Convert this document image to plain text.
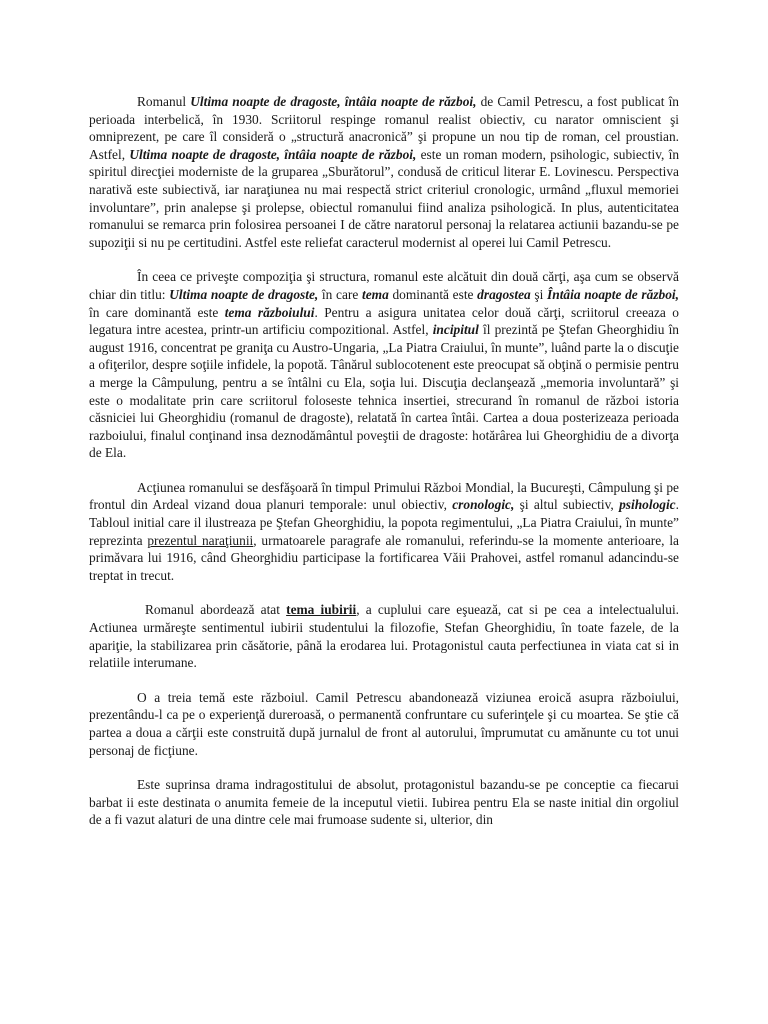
Romanul Ultima noapte de dragoste, întâia noapte de război, de Camil Petrescu, a fost publicat în perioada interbelică, în 1930. Scriitorul respinge romanul realist obiectiv, cu narator omniscient şi omniprezent, pe care îl consideră o „structură anacronică” şi propune un nou tip de roman, cel proustian. Astfel, Ultima noapte de dragoste, întâia noapte de război, este un roman modern, psihologic, subiectiv, în spiritul direcţiei moderniste de la gruparea „Sburătorul”, condusă de criticul literar E. Lovinescu. Perspectiva narativă este subiectivă, iar naraţiunea nu mai respectă strict criteriul cronologic, urmând „fluxul memoriei involuntare”, prin analepse şi prolepse, obiectul romanului fiind analiza psihologică. In plus, autenticitatea romanului se remarca prin folosirea persoanei I de către naratorul personaj la relatarea actiunii bazandu-se pe supoziţii si nu pe certitudini. Astfel este reliefat caracterul modernist al operei lui Camil Petrescu.

În ceea ce priveşte compoziţia şi structura, romanul este alcătuit din două cărţi, aşa cum se observă chiar din titlu: Ultima noapte de dragoste, în care tema dominantă este dragostea şi Întâia noapte de război, în care dominantă este tema războiului. Pentru a asigura unitatea celor două cărţi, scriitorul creeaza o legatura intre acestea, printr-un artificiu compozitional. Astfel, incipitul îl prezintă pe Ştefan Gheorghidiu în august 1916, concentrat pe graniţa cu Austro-Ungaria, „La Piatra Craiului, în munte”, luând parte la o discuţie a ofiţerilor, despre soţiile infidele, la popotă. Tânărul sublocotenent este preocupat să obţină o permisie pentru a merge la Câmpulung, pentru a se întâlni cu Ela, soţia lui. Discuţia declanşează „memoria involuntară” şi este o modalitate prin care scriitorul foloseste tehnica insertiei, strecurand în romanul de război istoria căsniciei lui Gheorghidiu (romanul de dragoste), relatată în cartea întâi. Cartea a doua posterizeaza perioada razboiului, finalul conţinand insa deznodământul poveştii de dragoste: hotărârea lui Gheorghidiu de a divorţa de Ela.

Acţiunea romanului se desfăşoară în timpul Primului Război Mondial, la Bucureşti, Câmpulung şi pe frontul din Ardeal vizand doua planuri temporale: unul obiectiv, cronologic, şi altul subiectiv, psihologic. Tabloul initial care il ilustreaza pe Ştefan Gheorghidiu, la popota regimentului, „La Piatra Craiului, în munte” reprezinta prezentul naraţiunii, urmatoarele paragrafe ale romanului, referindu-se la momente anterioare, la primăvara lui 1916, când Gheorghidiu participase la fortificarea Văii Prahovei, astfel romanul adancindu-se treptat in trecut.

Romanul abordează atat tema iubirii, a cuplului care eşuează, cat si pe cea a intelectualului. Actiunea urmăreşte sentimentul iubirii studentului la filozofie, Stefan Gheorghidiu, în toate fazele, de la apariţie, la stabilizarea prin căsătorie, până la erodarea lui. Protagonistul cauta perfectiunea in viata cat si in relatiile interumane.

O a treia temă este războiul. Camil Petrescu abandonează viziunea eroică asupra războiului, prezentându-l ca pe o experienţă dureroasă, o permanentă confruntare cu suferinţele şi cu moartea. Se ştie că partea a doua a cărţii este construită după jurnalul de front al autorului, împrumutat cu amănunte cu tot unui personaj de ficţiune.

Este suprinsa drama indragostitului de absolut, protagonistul bazandu-se pe conceptie ca fiecarui barbat ii este destinata o anumita femeie de la inceputul vietii. Iubirea pentru Ela se naste initial din orgoliul de a fi vazut alaturi de una dintre cele mai frumoase sudente si, ulterior, din
